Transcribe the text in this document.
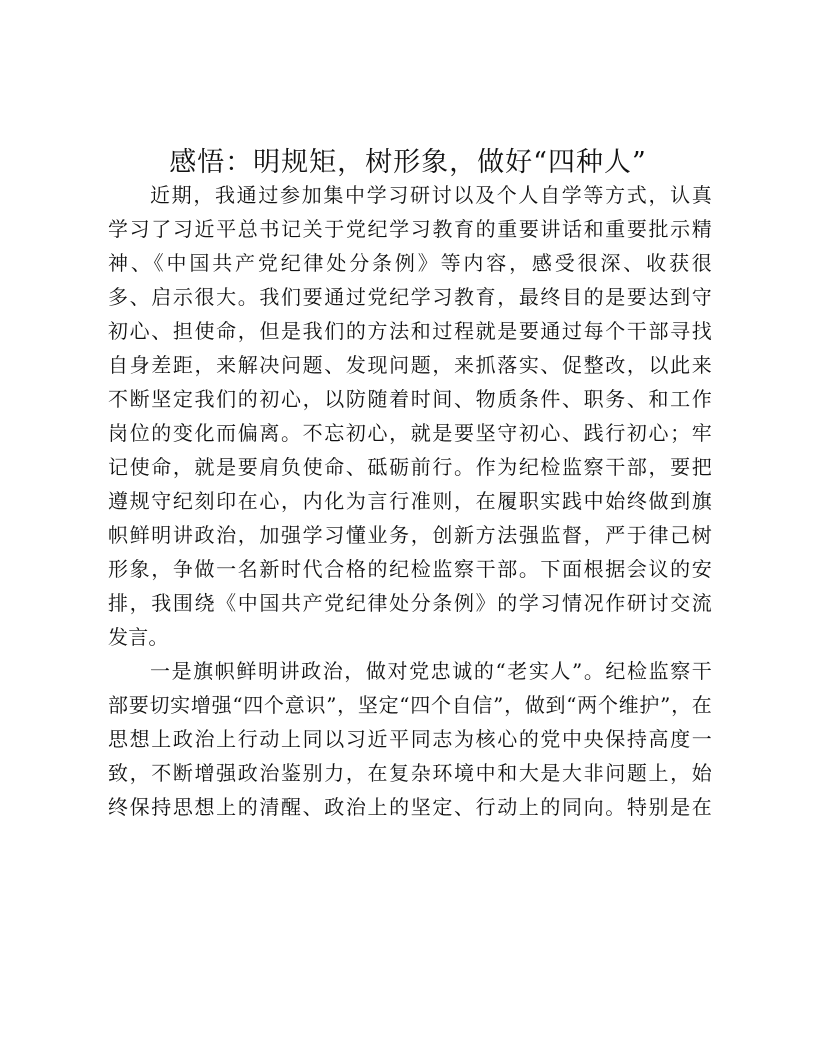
感悟：明规矩，树形象，做好“四种人”
近期，我通过参加集中学习研讨以及个人自学等方式，认真
学习了习近平总书记关于党纪学习教育的重要讲话和重要批示精
神、《中国共产党纪律处分条例》等内容，感受很深、收获很
多、启示很大。我们要通过党纪学习教育，最终目的是要达到守
初心、担使命，但是我们的方法和过程就是要通过每个干部寻找
自身差距，来解决问题、发现问题，来抓落实、促整改，以此来
不断坚定我们的初心，以防随着时间、物质条件、职务、和工作
岗位的变化而偏离。不忘初心，就是要坚守初心、践行初心；牢
记使命，就是要肩负使命、砥砺前行。作为纪检监察干部，要把
遵规守纪刻印在心，内化为言行准则，在履职实践中始终做到旗
帜鲜明讲政治，加强学习懂业务，创新方法强监督，严于律己树
形象，争做一名新时代合格的纪检监察干部。下面根据会议的安
排，我围绕《中国共产党纪律处分条例》的学习情况作研讨交流
发言。
一是旗帜鲜明讲政治，做对党忠诚的“老实人”。纪检监察干
部要切实增强“四个意识”，坚定“四个自信”，做到“两个维护”，在
思想上政治上行动上同以习近平同志为核心的党中央保持高度一
致，不断增强政治鉴别力，在复杂环境中和大是大非问题上，始
终保持思想上的清醒、政治上的坚定、行动上的同向。特别是在
